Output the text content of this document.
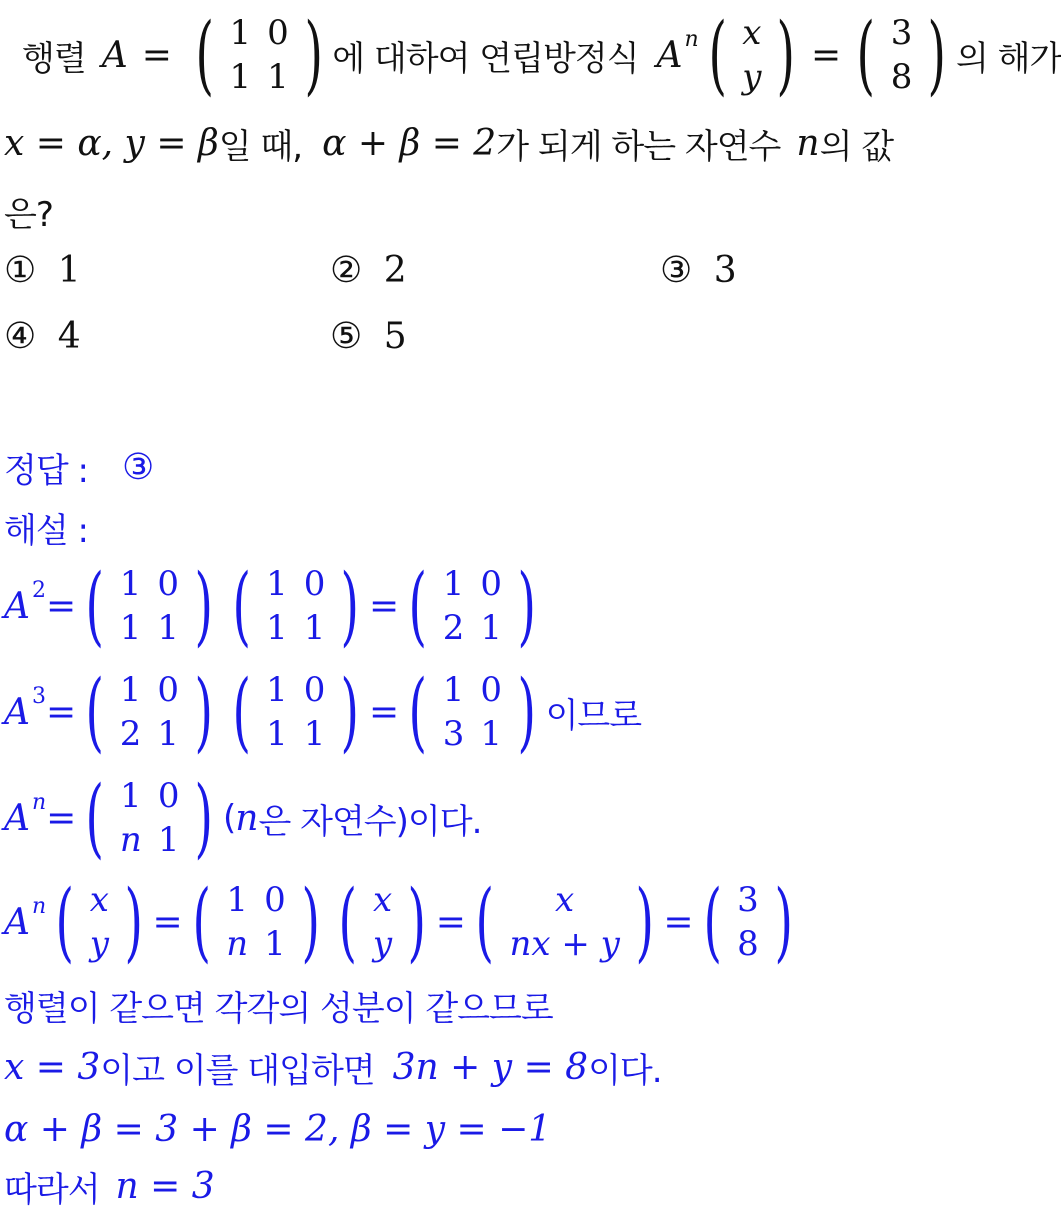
행렬 A = ( 1 0
1 1 ) 에 대하여 연립방정식 A n ( x
y ) = ( 3
8 ) 의 해가
x = α, y = β 일 때, α + β = 2 가 되게 하는 자연수 n 의 값
은?
① 1	② 2	③ 3
④ 4	⑤ 5
정답 : ③
해설 :
A 2 = ( 1 0
1 1 ) ( 1 0
1 1 ) = ( 1 0
2 1 )
A 3 = ( 1 0
2 1 ) ( 1 0
1 1 ) = ( 1 0
3 1 ) 이므로
A n = ( 1 0
n 1 ) ( n 은 자연수)이다.
A n ( x
y ) = ( 1 0
n 1 ) ( x
y ) = (	x
nx + y ) = ( 3
8 )
행렬이 같으면 각각의 성분이 같으므로
x = 3 이고 이를 대입하면 3n + y = 8 이다.
α + β = 3 + β = 2, β = y = −1
따라서 n = 3
